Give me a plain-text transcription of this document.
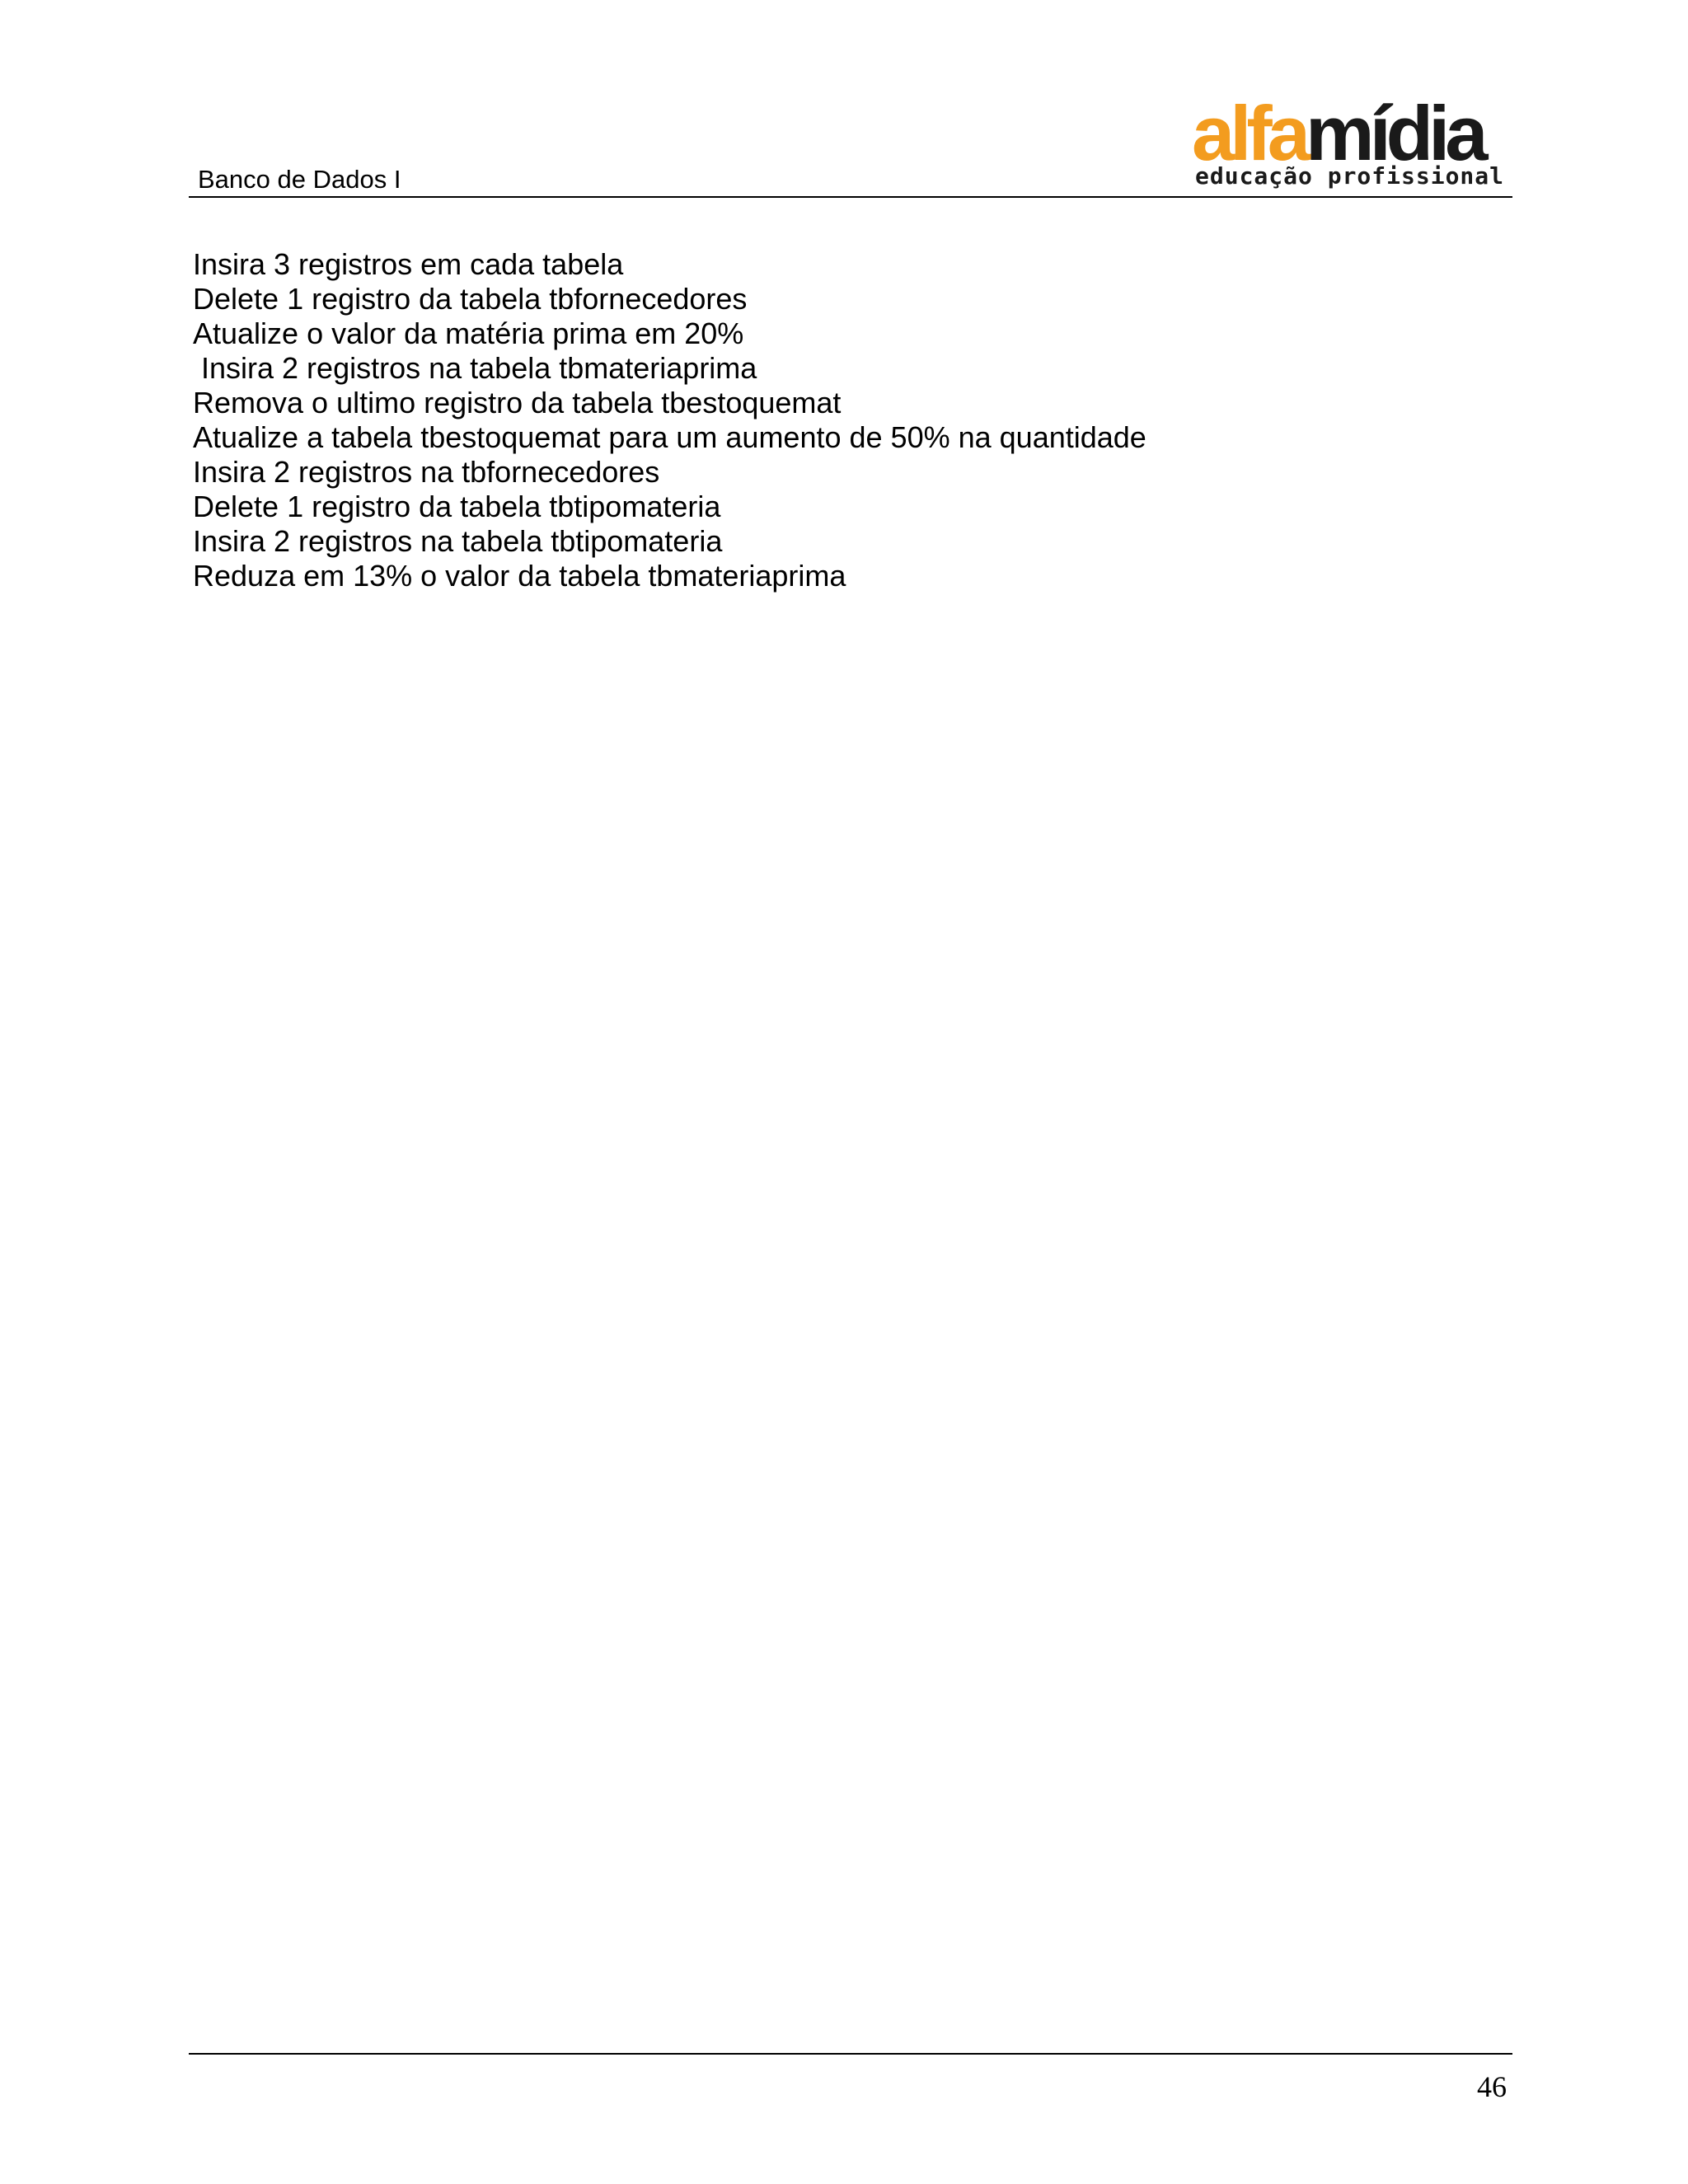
Banco de Dados I
alfamídia
educação profissional
Insira 3 registros em cada tabela
Delete 1 registro da tabela tbfornecedores
Atualize o valor da matéria prima em 20%
Insira 2 registros na tabela tbmateriaprima
Remova o ultimo registro da tabela tbestoquemat
Atualize a tabela tbestoquemat para um aumento de 50% na quantidade
Insira 2 registros na tbfornecedores
Delete 1 registro da tabela tbtipomateria
Insira 2 registros na tabela tbtipomateria
Reduza em 13% o valor da tabela tbmateriaprima
46
